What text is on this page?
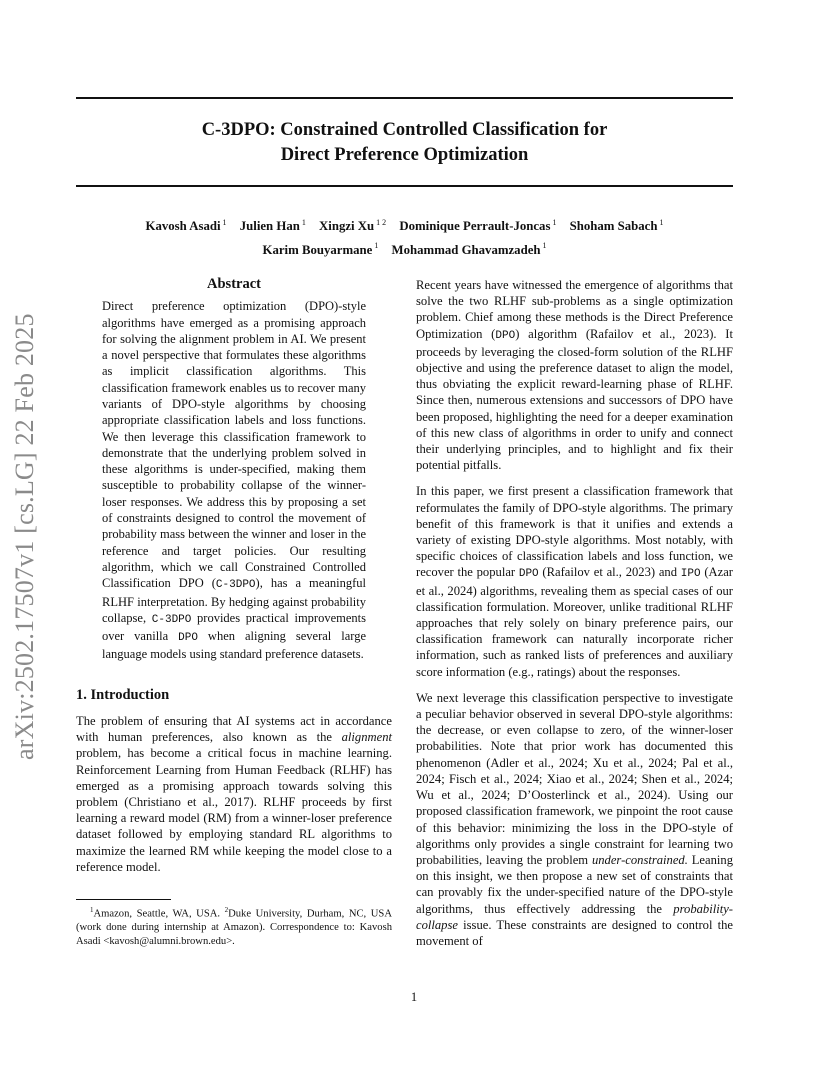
C-3DPO: Constrained Controlled Classification for
Direct Preference Optimization
Kavosh Asadi $^1$ Julien Han $^1$ Xingzi Xu $^{1 2}$ Dominique Perrault-Joncas $^1$ Shoham Sabach $^1$
Karim Bouyarmane $^1$ Mohammad Ghavamzadeh $^1$
arXiv:2502.17507v1 [cs.LG] 22 Feb 2025
Abstract

Direct preference optimization (DPO)-style algorithms have emerged as a promising approach for solving the alignment problem in AI. We present a novel perspective that formulates these algorithms as implicit classification algorithms. This classification framework enables us to recover many variants of DPO-style algorithms by choosing appropriate classification labels and loss functions. We then leverage this classification framework to demonstrate that the underlying problem solved in these algorithms is under-specified, making them susceptible to probability collapse of the winner-loser responses. We address this by proposing a set of constraints designed to control the movement of probability mass between the winner and loser in the reference and target policies. Our resulting algorithm, which we call Constrained Controlled Classification DPO (C-3DPO), has a meaningful RLHF interpretation. By hedging against probability collapse, C-3DPO provides practical improvements over vanilla DPO when aligning several large language models using standard preference datasets.

1. Introduction

The problem of ensuring that AI systems act in accordance with human preferences, also known as the alignment problem, has become a critical focus in machine learning. Reinforcement Learning from Human Feedback (RLHF) has emerged as a promising approach towards solving this problem (Christiano et al., 2017). RLHF proceeds by first learning a reward model (RM) from a winner-loser preference dataset followed by employing standard RL algorithms to maximize the learned RM while keeping the model close to a reference model.

$^1$Amazon, Seattle, WA, USA. $^2$Duke University, Durham, NC, USA (work done during internship at Amazon). Correspondence to: Kavosh Asadi <kavosh@alumni.brown.edu>.

Recent years have witnessed the emergence of algorithms that solve the two RLHF sub-problems as a single optimization problem. Chief among these methods is the Direct Preference Optimization (DPO) algorithm (Rafailov et al., 2023). It proceeds by leveraging the closed-form solution of the RLHF objective and using the preference dataset to align the model, thus obviating the explicit reward-learning phase of RLHF. Since then, numerous extensions and successors of DPO have been proposed, highlighting the need for a deeper examination of this new class of algorithms in order to unify and connect their underlying principles, and to highlight and fix their potential pitfalls.

In this paper, we first present a classification framework that reformulates the family of DPO-style algorithms. The primary benefit of this framework is that it unifies and extends a variety of existing DPO-style algorithms. Most notably, with specific choices of classification labels and loss function, we recover the popular DPO (Rafailov et al., 2023) and IPO (Azar et al., 2024) algorithms, revealing them as special cases of our classification formulation. Moreover, unlike traditional RLHF approaches that rely solely on binary preference pairs, our classification framework can naturally incorporate richer information, such as ranked lists of preferences and auxiliary score information (e.g., ratings) about the responses.

We next leverage this classification perspective to investigate a peculiar behavior observed in several DPO-style algorithms: the decrease, or even collapse to zero, of the winner-loser probabilities. Note that prior work has documented this phenomenon (Adler et al., 2024; Xu et al., 2024; Pal et al., 2024; Fisch et al., 2024; Xiao et al., 2024; Shen et al., 2024; Wu et al., 2024; D’Oosterlinck et al., 2024). Using our proposed classification framework, we pinpoint the root cause of this behavior: minimizing the loss in the DPO-style of algorithms only provides a single constraint for learning two probabilities, leaving the problem under-constrained. Leaning on this insight, we then propose a new set of constraints that can provably fix the under-specified nature of the DPO-style algorithms, thus effectively addressing the probability-collapse issue. These constraints are designed to control the movement of

1
